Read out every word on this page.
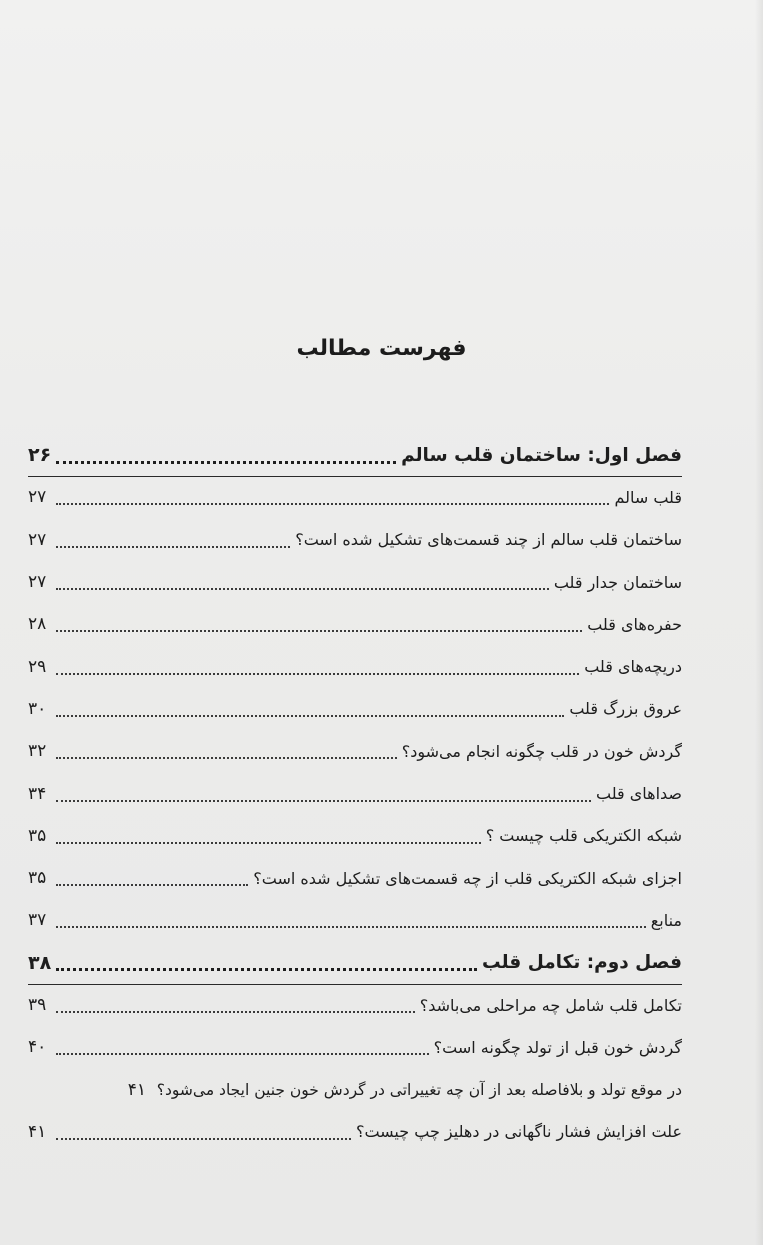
فهرست مطالب
فصل اول: ساختمان قلب سالم
۲۶
قلب سالم
۲۷
ساختمان قلب سالم از چند قسمت‌های تشکیل شده است؟
۲۷
ساختمان جدار قلب
۲۷
حفره‌های قلب
۲۸
دریچه‌های قلب
۲۹
عروق بزرگ قلب
۳۰
گردش خون در قلب چگونه انجام می‌شود؟
۳۲
صداهای قلب
۳۴
شبکه الکتریکی قلب چیست ؟
۳۵
اجزای شبکه الکتریکی قلب از چه قسمت‌های تشکیل شده است؟
۳۵
منابع
۳۷
فصل دوم: تکامل قلب
۳۸
تکامل قلب شامل چه مراحلی می‌باشد؟
۳۹
گردش خون قبل از تولد چگونه است؟
۴۰
در موقع تولد و بلافاصله بعد از آن چه تغییراتی در گردش خون جنین ایجاد می‌شود؟
۴۱
علت افزایش فشار ناگهانی در دهلیز چپ چیست؟
۴۱
